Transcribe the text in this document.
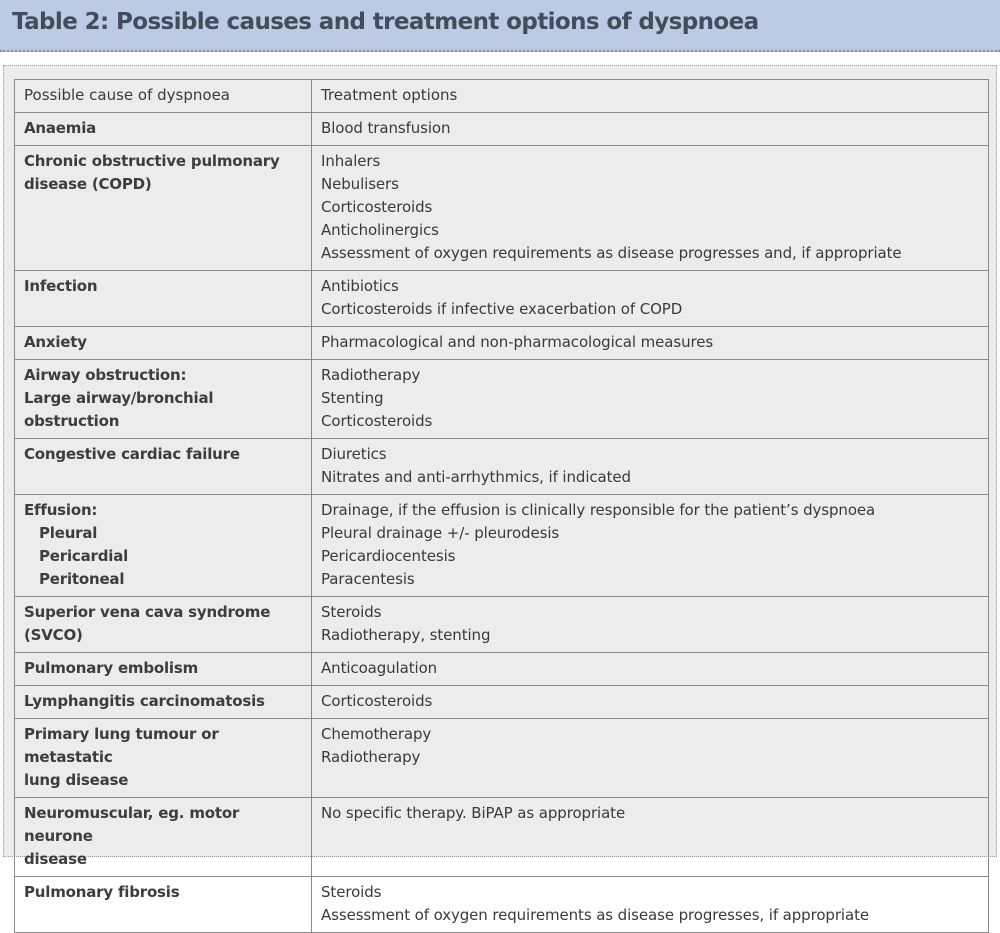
Table 2: Possible causes and treatment options of dyspnoea
Possible cause of dyspnoea	Treatment options

Anaemia	Blood transfusion

Chronic obstructive pulmonary
disease (COPD)	Inhalers
Nebulisers
Corticosteroids
Anticholinergics
Assessment of oxygen requirements as disease progresses and, if appropriate

Infection	Antibiotics
Corticosteroids if infective exacerbation of COPD

Anxiety	Pharmacological and non-pharmacological measures

Airway obstruction:
Large airway/bronchial obstruction	Radiotherapy
Stenting
Corticosteroids

Congestive cardiac failure	Diuretics
Nitrates and anti-arrhythmics, if indicated

Effusion:
Pleural
Pericardial
Peritoneal	Drainage, if the effusion is clinically responsible for the patient’s dyspnoea
Pleural drainage +/- pleurodesis
Pericardiocentesis
Paracentesis

Superior vena cava syndrome
(SVCO)	Steroids
Radiotherapy, stenting

Pulmonary embolism	Anticoagulation

Lymphangitis carcinomatosis	Corticosteroids

Primary lung tumour or metastatic
lung disease	Chemotherapy
Radiotherapy

Neuromuscular, eg. motor neurone
disease	No specific therapy. BiPAP as appropriate

Pulmonary fibrosis	Steroids
Assessment of oxygen requirements as disease progresses, if appropriate
